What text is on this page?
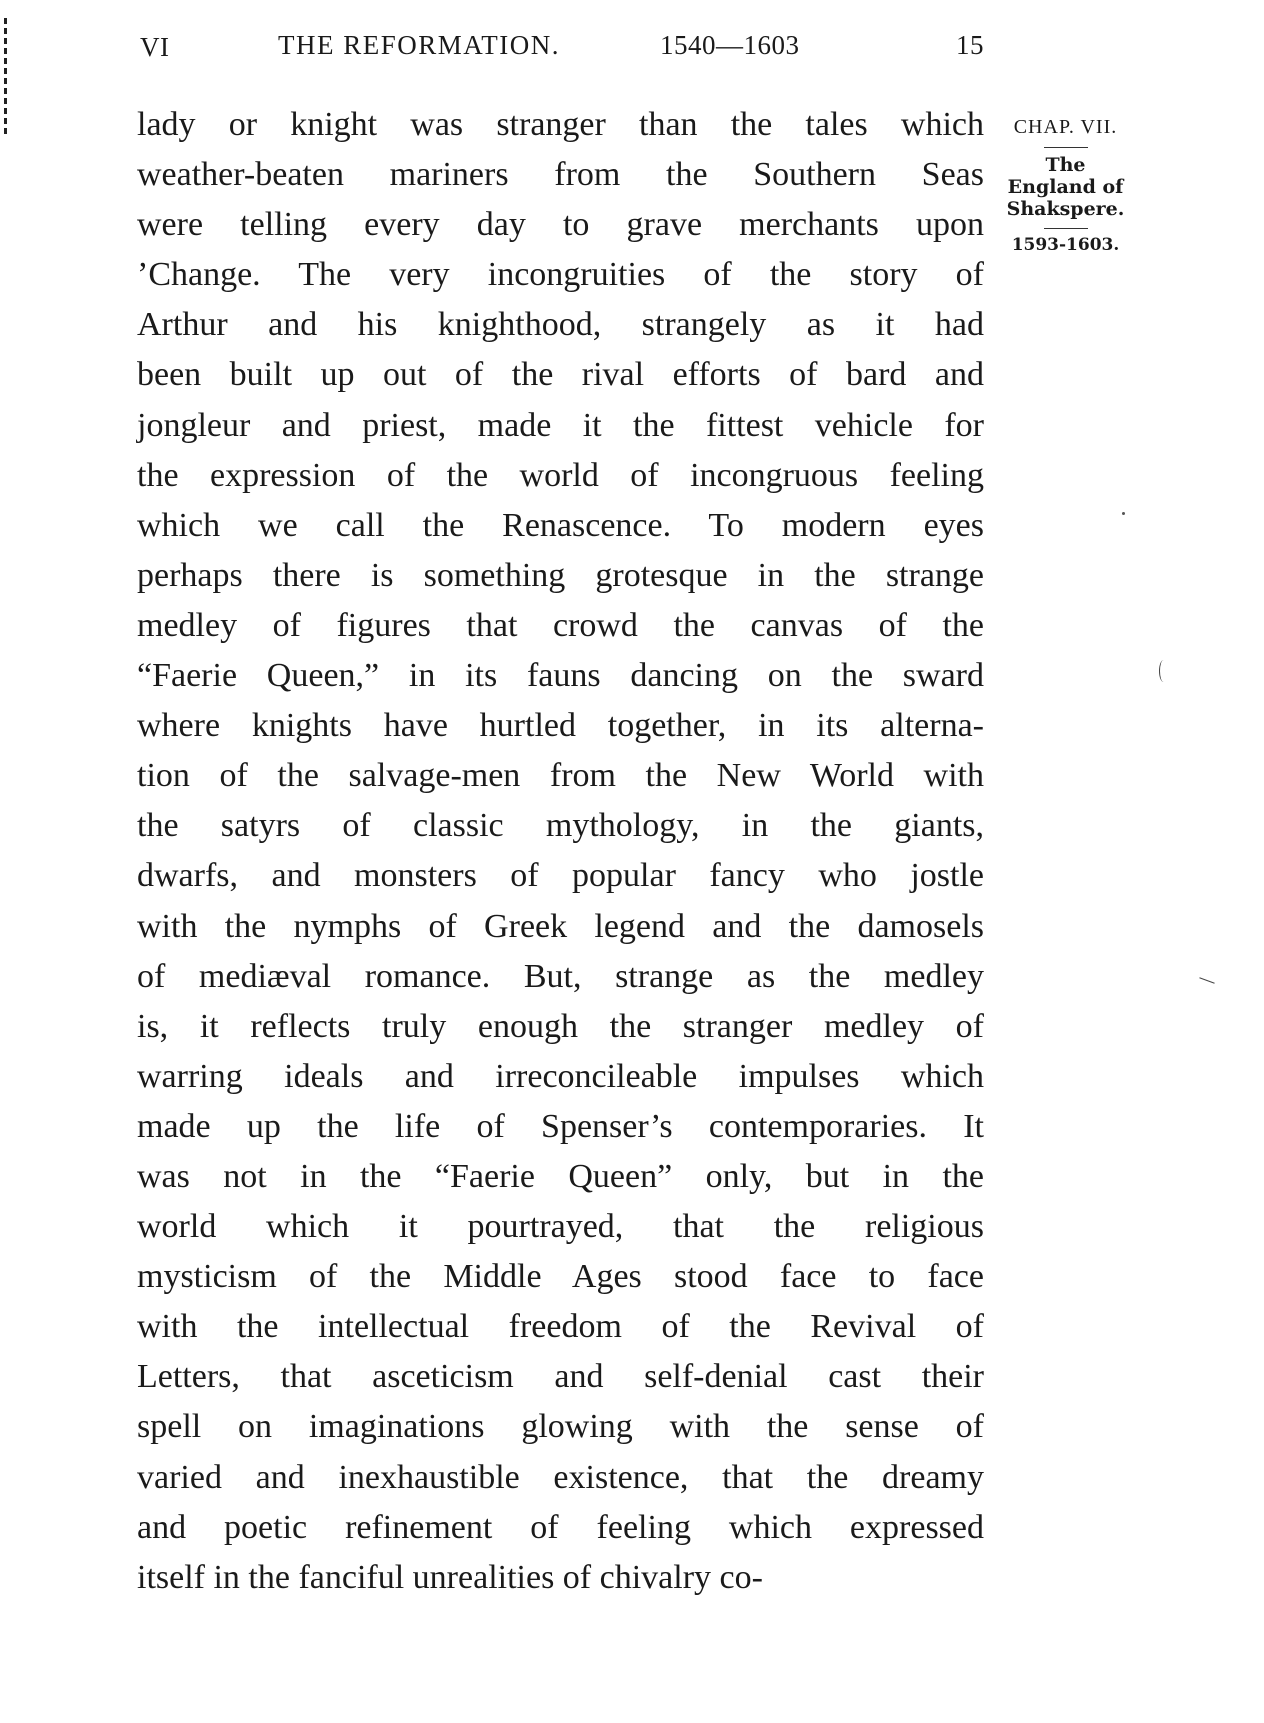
VI	THE REFORMATION.	1540—1603	15
lady or knight was stranger than the tales which
weather-beaten mariners from the Southern Seas
were telling every day to grave merchants upon
’Change. The very incongruities of the story of
Arthur and his knighthood, strangely as it had
been built up out of the rival efforts of bard and
jongleur and priest, made it the fittest vehicle for
the expression of the world of incongruous feeling
which we call the Renascence. To modern eyes
perhaps there is something grotesque in the strange
medley of figures that crowd the canvas of the
“Faerie Queen,” in its fauns dancing on the sward
where knights have hurtled together, in its alterna-
tion of the salvage-men from the New World with
the satyrs of classic mythology, in the giants,
dwarfs, and monsters of popular fancy who jostle
with the nymphs of Greek legend and the damosels
of mediæval romance. But, strange as the medley
is, it reflects truly enough the stranger medley of
warring ideals and irreconcileable impulses which
made up the life of Spenser’s contemporaries. It
was not in the “Faerie Queen” only, but in the
world which it pourtrayed, that the religious
mysticism of the Middle Ages stood face to face
with the intellectual freedom of the Revival of
Letters, that asceticism and self-denial cast their
spell on imaginations glowing with the sense of
varied and inexhaustible existence, that the dreamy
and poetic refinement of feeling which expressed
itself in the fanciful unrealities of chivalry co-
CHAP. VII.
The
England of
Shakspere.
1593-1603.
